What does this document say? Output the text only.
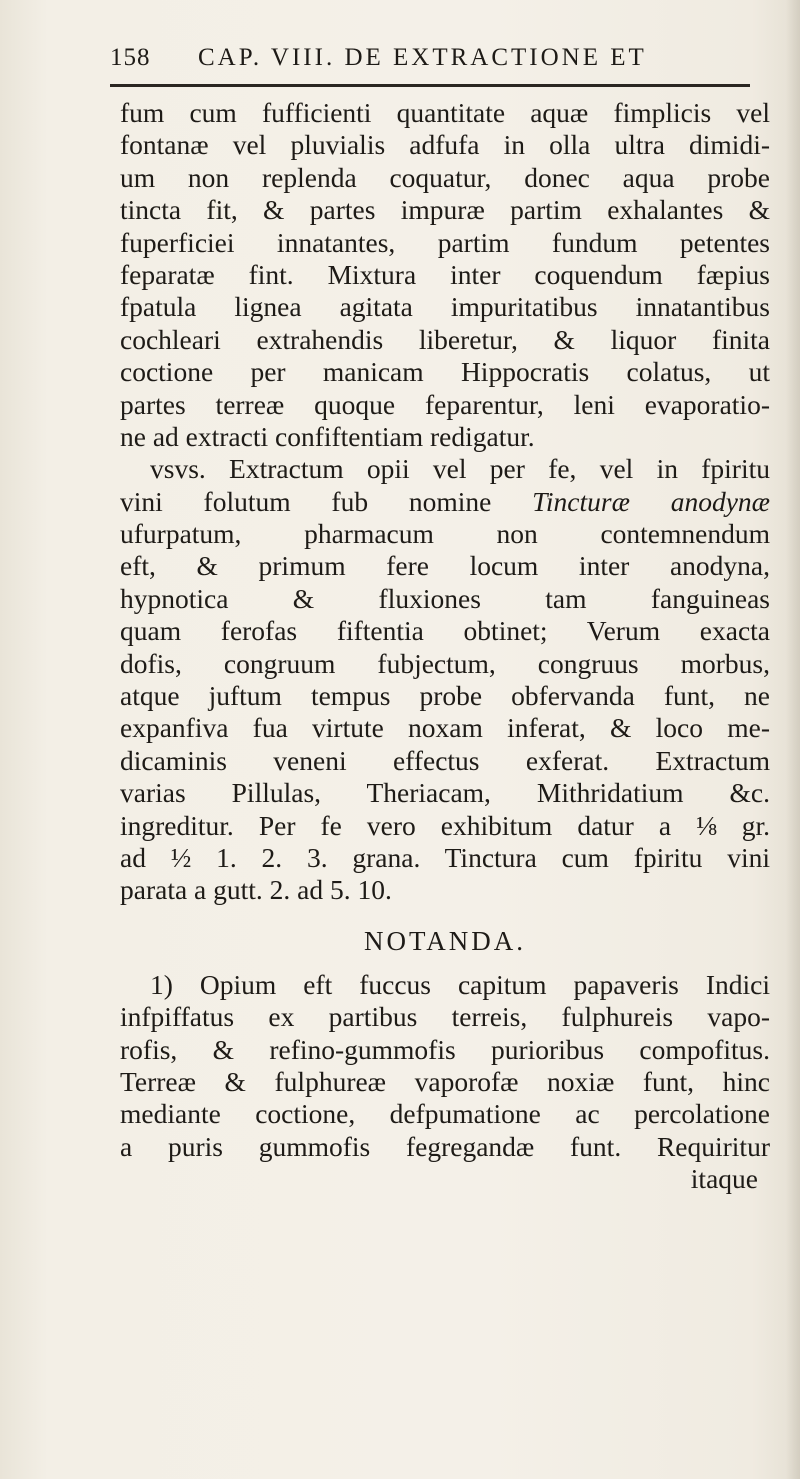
158 CAP. VIII. DE EXTRACTIONE ET
fum cum fufficienti quantitate aquæ fimplicis vel
fontanæ vel pluvialis adfufa in olla ultra dimidi-
um non replenda coquatur, donec aqua probe
tincta fit, & partes impuræ partim exhalantes &
fuperficiei innatantes, partim fundum petentes
feparatæ fint. Mixtura inter coquendum fæpius
fpatula lignea agitata impuritatibus innatantibus
cochleari extrahendis liberetur, & liquor finita
coctione per manicam Hippocratis colatus, ut
partes terreæ quoque feparentur, leni evaporatio-
ne ad extracti confiftentiam redigatur.
vsvs. Extractum opii vel per fe, vel in fpiritu
vini folutum fub nomine Tincturæ anodynæ
ufurpatum, pharmacum non contemnendum
eft, & primum fere locum inter anodyna,
hypnotica & fluxiones tam fanguineas
quam ferofas fiftentia obtinet; Verum exacta
dofis, congruum fubjectum, congruus morbus,
atque juftum tempus probe obfervanda funt, ne
expanfiva fua virtute noxam inferat, & loco me-
dicaminis veneni effectus exferat. Extractum
varias Pillulas, Theriacam, Mithridatium &c.
ingreditur. Per fe vero exhibitum datur a ⅛ gr.
ad ½ 1. 2. 3. grana. Tinctura cum fpiritu vini
parata a gutt. 2. ad 5. 10.
NOTANDA.
1) Opium eft fuccus capitum papaveris Indici
infpiffatus ex partibus terreis, fulphureis vapo-
rofis, & refino-gummofis purioribus compofitus.
Terreæ & fulphureæ vaporofæ noxiæ funt, hinc
mediante coctione, defpumatione ac percolatione
a puris gummofis fegregandæ funt. Requiritur
itaque
